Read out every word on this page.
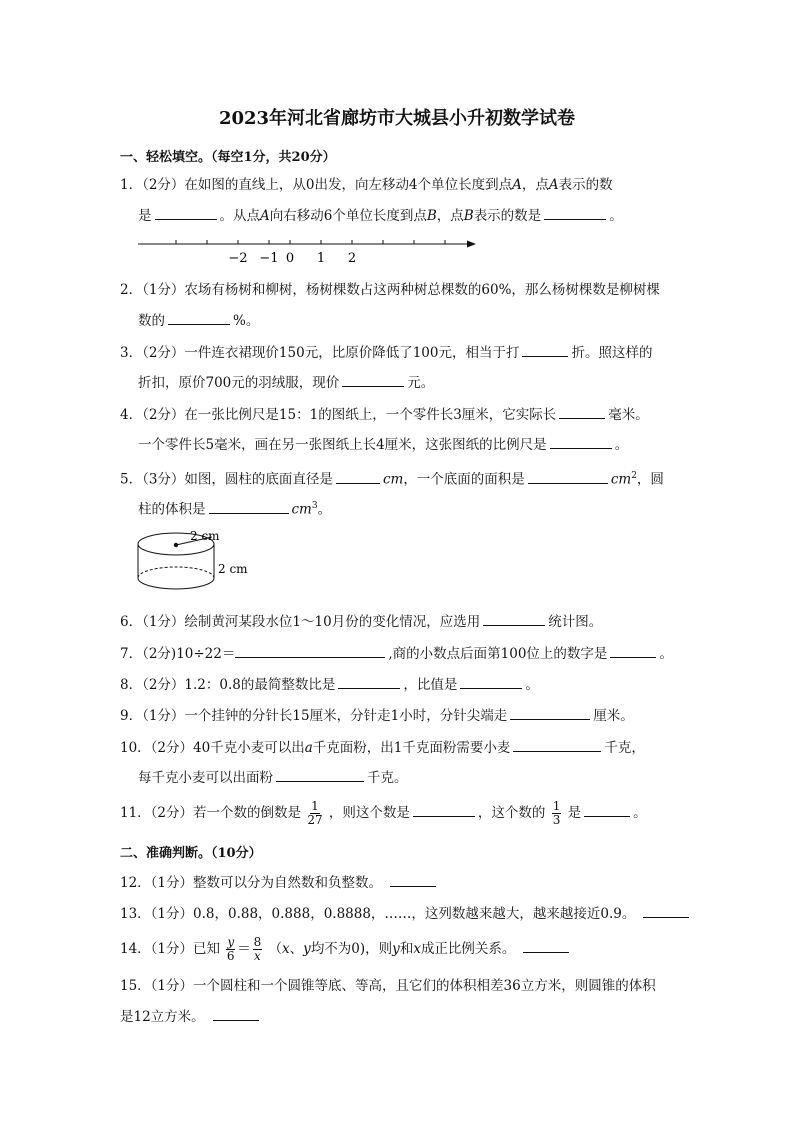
2023年河北省廊坊市大城县小升初数学试卷
一、轻松填空。（每空1分，共20分）
1．（2分）在如图的直线上，从0出发，向左移动4个单位长度到点A，点A表示的数
是	。从点A向右移动6个单位长度到点B，点B表示的数是	。
−2 −1 0 1 2
2．（1分）农场有杨树和柳树，杨树棵数占这两种树总棵数的60%，那么杨树棵数是柳树棵
数的	%。
3．（2分）一件连衣裙现价150元，比原价降低了100元，相当于打	折。照这样的
折扣，原价700元的羽绒服，现价	元。
4．（2分）在一张比例尺是15：1的图纸上，一个零件长3厘米，它实际长	毫米。
一个零件长5毫米，画在另一张图纸上长4厘米，这张图纸的比例尺是	。
5．（3分）如图，圆柱的底面直径是	cm，一个底面的面积是	$cm^2$，圆
柱的体积是	$cm^3$。
2 cm
2 cm
6．（1分）绘制黄河某段水位1～10月份的变化情况，应选用	统计图。
7．（2分)10÷22＝	,商的小数点后面第100位上的数字是	。
8．（2分）1.2：0.8的最简整数比是	，比值是	。
9．（1分）一个挂钟的分针长15厘米，分针走1小时，分针尖端走	厘米。
10．（2分）40千克小麦可以出a千克面粉，出1千克面粉需要小麦	千克，
每千克小麦可以出面粉	千克。
11．（2分）若一个数的倒数是 $\frac{1}{27}$ ，则这个数是	，这个数的 $\frac{1}{3}$ 是	。
二、准确判断。（10分）
12．（1分）整数可以分为自然数和负整数。
13．（1分）0.8，0.88，0.888，0.8888，……，这列数越来越大，越来越接近0.9。
14．（1分）已知 $\frac{y}{6} = \frac{8}{x} (x$、y均不为0)，则y和x成正比例关系。
15．（1分）一个圆柱和一个圆锥等底、等高，且它们的体积相差36立方米，则圆锥的体积
是12立方米。
